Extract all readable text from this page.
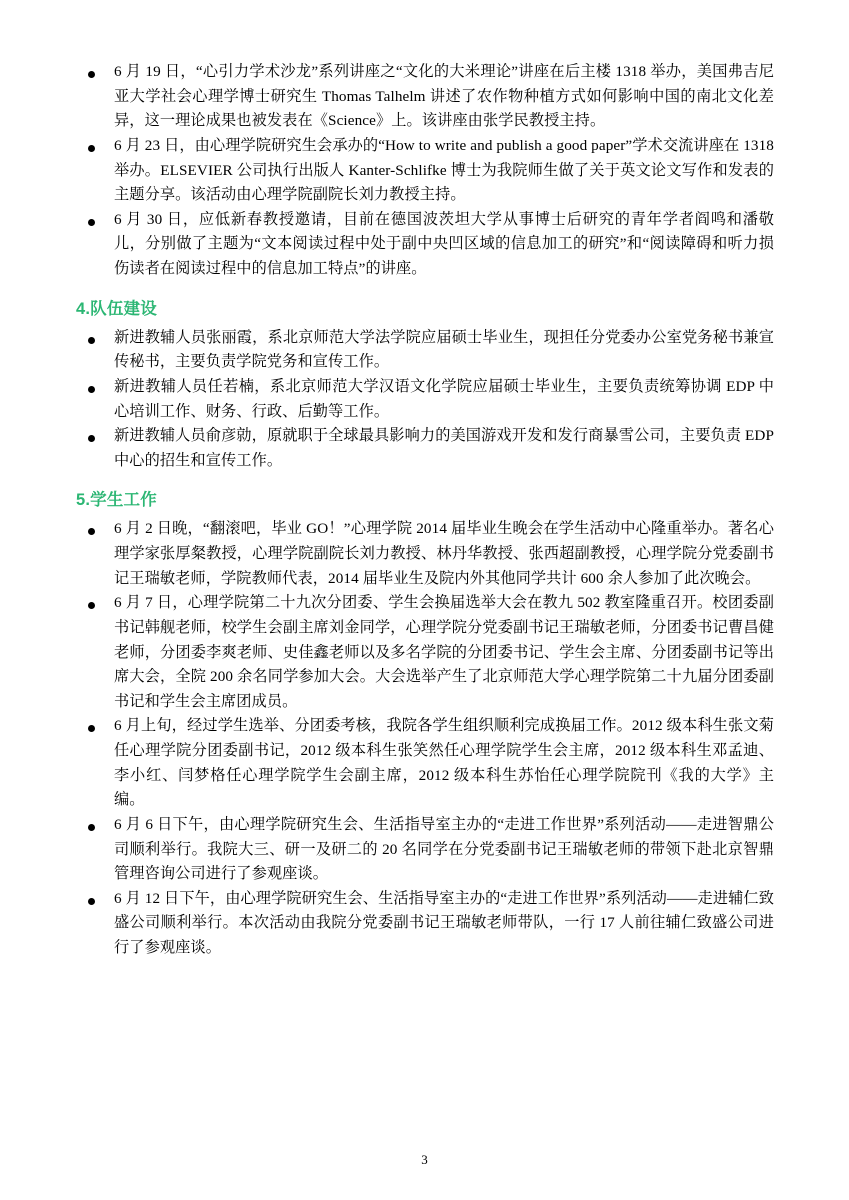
6 月 19 日，“心引力学术沙龙”系列讲座之“文化的大米理论”讲座在后主楼 1318 举办，美国弗吉尼亚大学社会心理学博士研究生 Thomas Talhelm 讲述了农作物种植方式如何影响中国的南北文化差异，这一理论成果也被发表在《Science》上。该讲座由张学民教授主持。
6 月 23 日，由心理学院研究生会承办的“How to write and publish a good paper”学术交流讲座在 1318 举办。ELSEVIER 公司执行出版人 Kanter-Schlifke 博士为我院师生做了关于英文论文写作和发表的主题分享。该活动由心理学院副院长刘力教授主持。
6 月 30 日，应低新春教授邀请，目前在德国波茨坦大学从事博士后研究的青年学者阎鸣和潘敬儿，分别做了主题为“文本阅读过程中处于副中央凹区域的信息加工的研究”和“阅读障碍和听力损伤读者在阅读过程中的信息加工特点”的讲座。
4.队伍建设
新进教辅人员张丽霞，系北京师范大学法学院应届硕士毕业生，现担任分党委办公室党务秘书兼宣传秘书，主要负责学院党务和宣传工作。
新进教辅人员任若楠，系北京师范大学汉语文化学院应届硕士毕业生，主要负责统筹协调 EDP 中心培训工作、财务、行政、后勤等工作。
新进教辅人员俞彦勍，原就职于全球最具影响力的美国游戏开发和发行商暴雪公司，主要负责 EDP 中心的招生和宣传工作。
5.学生工作
6 月 2 日晚，“翻滚吧，毕业 GO！”心理学院 2014 届毕业生晚会在学生活动中心隆重举办。著名心理学家张厚粲教授，心理学院副院长刘力教授、林丹华教授、张西超副教授，心理学院分党委副书记王瑞敏老师，学院教师代表，2014 届毕业生及院内外其他同学共计 600 余人参加了此次晚会。
6 月 7 日，心理学院第二十九次分团委、学生会换届选举大会在教九 502 教室隆重召开。校团委副书记韩舰老师，校学生会副主席刘金同学，心理学院分党委副书记王瑞敏老师，分团委书记曹昌健老师，分团委李爽老师、史佳鑫老师以及多名学院的分团委书记、学生会主席、分团委副书记等出席大会，全院 200 余名同学参加大会。大会选举产生了北京师范大学心理学院第二十九届分团委副书记和学生会主席团成员。
6 月上旬，经过学生选举、分团委考核，我院各学生组织顺利完成换届工作。2012 级本科生张文菊任心理学院分团委副书记，2012 级本科生张笑然任心理学院学生会主席，2012 级本科生邓孟迪、李小红、闫梦格任心理学院学生会副主席，2012 级本科生苏怡任心理学院院刊《我的大学》主编。
6 月 6 日下午，由心理学院研究生会、生活指导室主办的“走进工作世界”系列活动——走进智鼎公司顺利举行。我院大三、研一及研二的 20 名同学在分党委副书记王瑞敏老师的带领下赴北京智鼎管理咨询公司进行了参观座谈。
6 月 12 日下午，由心理学院研究生会、生活指导室主办的“走进工作世界”系列活动——走进辅仁致盛公司顺利举行。本次活动由我院分党委副书记王瑞敏老师带队，一行 17 人前往辅仁致盛公司进行了参观座谈。
3
